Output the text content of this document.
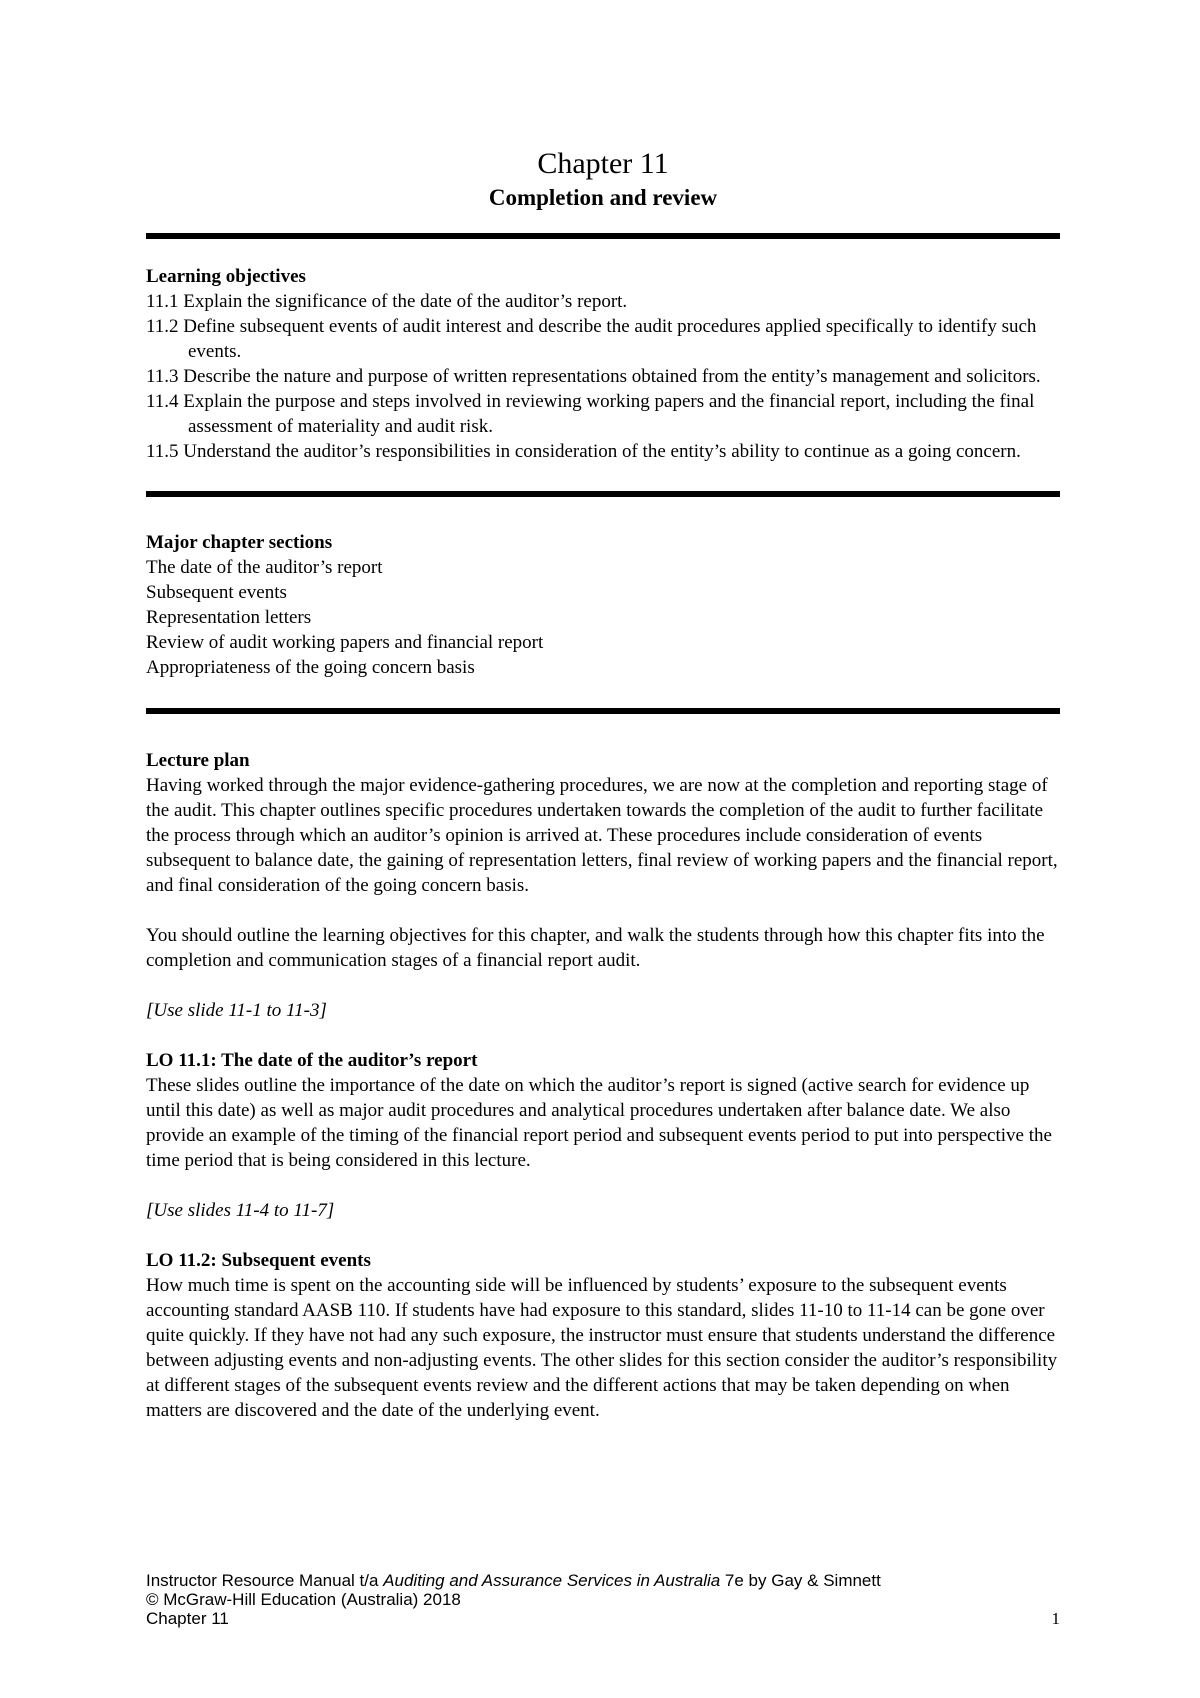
Chapter 11
Completion and review

Learning objectives

11.1 Explain the significance of the date of the auditor’s report.

11.2 Define subsequent events of audit interest and describe the audit procedures applied specifically to identify such events.

11.3 Describe the nature and purpose of written representations obtained from the entity’s management and solicitors.

11.4 Explain the purpose and steps involved in reviewing working papers and the financial report, including the final assessment of materiality and audit risk.

11.5 Understand the auditor’s responsibilities in consideration of the entity’s ability to continue as a going concern.

Major chapter sections

The date of the auditor’s report

Subsequent events

Representation letters

Review of audit working papers and financial report

Appropriateness of the going concern basis

Lecture plan

Having worked through the major evidence-gathering procedures, we are now at the completion and reporting stage of the audit. This chapter outlines specific procedures undertaken towards the completion of the audit to further facilitate the process through which an auditor’s opinion is arrived at. These procedures include consideration of events subsequent to balance date, the gaining of representation letters, final review of working papers and the financial report, and final consideration of the going concern basis.

You should outline the learning objectives for this chapter, and walk the students through how this chapter fits into the completion and communication stages of a financial report audit.

[Use slide 11-1 to 11-3]

LO 11.1: The date of the auditor’s report

These slides outline the importance of the date on which the auditor’s report is signed (active search for evidence up until this date) as well as major audit procedures and analytical procedures undertaken after balance date. We also provide an example of the timing of the financial report period and subsequent events period to put into perspective the time period that is being considered in this lecture.

[Use slides 11-4 to 11-7]

LO 11.2: Subsequent events

How much time is spent on the accounting side will be influenced by students’ exposure to the subsequent events accounting standard AASB 110. If students have had exposure to this standard, slides 11-10 to 11-14 can be gone over quite quickly. If they have not had any such exposure, the instructor must ensure that students understand the difference between adjusting events and non-adjusting events. The other slides for this section consider the auditor’s responsibility at different stages of the subsequent events review and the different actions that may be taken depending on when matters are discovered and the date of the underlying event.

Instructor Resource Manual t/a Auditing and Assurance Services in Australia 7e by Gay & Simnett
© McGraw-Hill Education (Australia) 2018
Chapter 11	1
